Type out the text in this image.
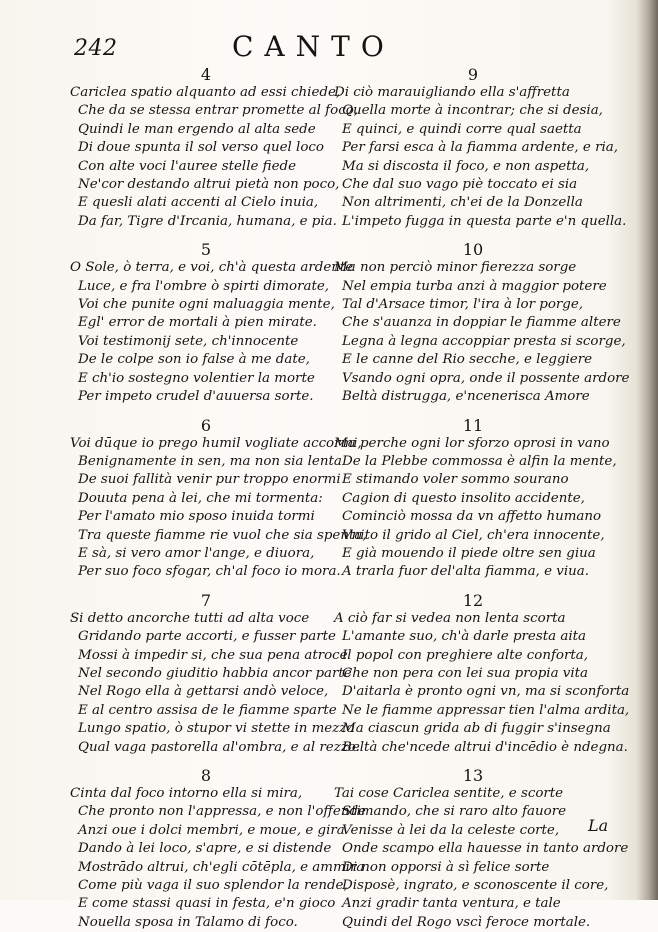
242	CANTO
4
Cariclea spatio alquanto ad essi chiede,
Che da se stessa entrar promette al foco,
Quindi le man ergendo al alta sede
Di doue spunta il sol verso quel loco
Con alte voci l'auree stelle fiede
Ne'cor destando altrui pietà non poco,
E quesli alati accenti al Cielo inuia,
Da far, Tigre d'Ircania, humana, e pia.
5
O Sole, ò terra, e voi, ch'à questa ardente
Luce, e fra l'ombre ò spirti dimorate,
Voi che punite ogni maluaggia mente,
Egl' error de mortali à pien mirate.
Voi testimonij sete, ch'innocente
De le colpe son io false à me date,
E ch'io sostegno volentier la morte
Per impeto crudel d'auuersa sorte.
6
Voi dūque io prego humil vogliate accormi,
Benignamente in sen, ma non sia lenta
De suoi fallità venir pur troppo enormi
Douuta pena à lei, che mi tormenta:
Per l'amato mio sposo inuida tormi
Tra queste fiamme rie vuol che sia spenta,
E sà, si vero amor l'ange, e diuora,
Per suo foco sfogar, ch'al foco io mora.
7
Si detto ancorche tutti ad alta voce
Gridando parte accorti, e fusser parte
Mossi à impedir si, che sua pena atroce
Nel secondo giuditio habbia ancor parte
Nel Rogo ella à gettarsi andò veloce,
E al centro assisa de le fiamme sparte
Lungo spatio, ò stupor vi stette in mezzo
Qual vaga pastorella al'ombra, e al rezzo.
8
Cinta dal foco intorno ella si mira,
Che pronto non l'appressa, e non l'offende
Anzi oue i dolci membri, e moue, e gira
Dando à lei loco, s'apre, e si distende
Mostrādo altrui, ch'egli cōtēpla, e ammira
Come più vaga il suo splendor la rende,
E come stassi quasi in festa, e'n gioco
Nouella sposa in Talamo di foco.
9
Di ciò marauigliando ella s'affretta
Quella morte à incontrar; che si desia,
E quinci, e quindi corre qual saetta
Per farsi esca à la fiamma ardente, e ria,
Ma si discosta il foco, e non aspetta,
Che dal suo vago piè toccato ei sia
Non altrimenti, ch'ei de la Donzella
L'impeto fugga in questa parte e'n quella.
10
Ma non perciò minor fierezza sorge
Nel empia turba anzi à maggior potere
Tal d'Arsace timor, l'ira à lor porge,
Che s'auanza in doppiar le fiamme altere
Legna à legna accoppiar presta si scorge,
E le canne del Rio secche, e leggiere
Vsando ogni opra, onde il possente ardore
Beltà distrugga, e'ncenerisca Amore
11
Ma perche ogni lor sforzo oprosi in vano
De la Plebbe commossa è alfin la mente,
E stimando voler sommo sourano
Cagion di questo insolito accidente,
Cominciò mossa da vn affetto humano
Vnito il grido al Ciel, ch'era innocente,
E già mouendo il piede oltre sen giua
A trarla fuor del'alta fiamma, e viua.
12
A ciò far si vedea non lenta scorta
L'amante suo, ch'à darle presta aita
Il popol con preghiere alte conforta,
Che non pera con lei sua propia vita
D'aitarla è pronto ogni vn, ma si sconforta
Ne le fiamme appressar tien l'alma ardita,
Ma ciascun grida ab di fuggir s'insegna
Beltà che'ncede altrui d'incēdio è ndegna.
13
Tai cose Cariclea sentite, e scorte
Stimando, che si raro alto fauore
Venisse à lei da la celeste corte,
Onde scampo ella hauesse in tanto ardore
Di non opporsi à sì felice sorte
Disposè, ingrato, e sconoscente il core,
Anzi gradir tanta ventura, e tale
Quindi del Rogo vscì feroce mortale.
La
